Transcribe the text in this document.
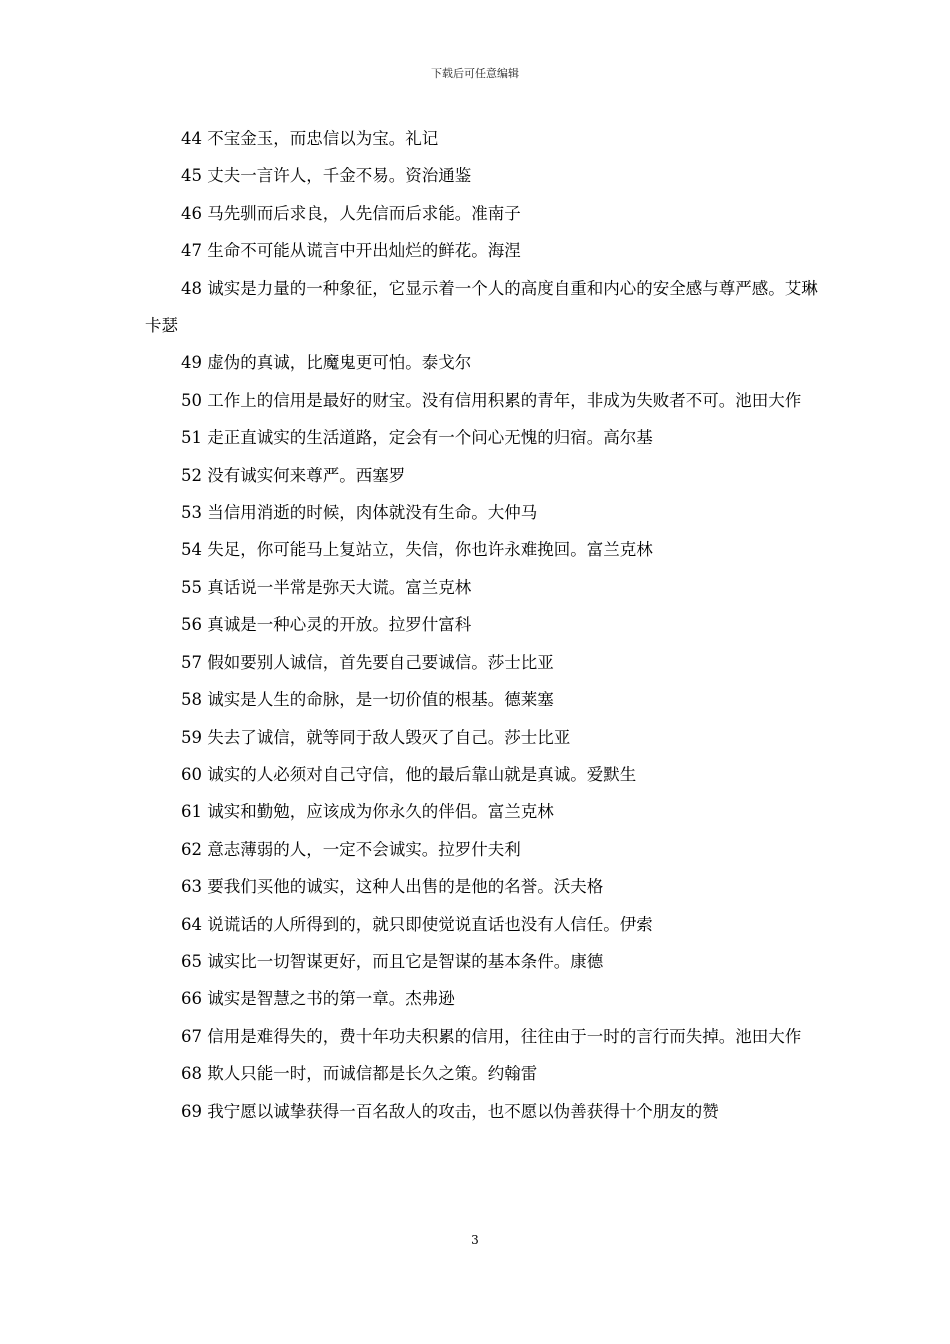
下载后可任意编辑

44 不宝金玉，而忠信以为宝。礼记

45 丈夫一言许人，千金不易。资治通鉴

46 马先驯而后求良，人先信而后求能。准南子

47 生命不可能从谎言中开出灿烂的鲜花。海涅

48 诚实是力量的一种象征，它显示着一个人的高度自重和内心的安全感与尊严感。艾琳卡瑟

49 虚伪的真诚，比魔鬼更可怕。泰戈尔

50 工作上的信用是最好的财宝。没有信用积累的青年，非成为失败者不可。池田大作

51 走正直诚实的生活道路，定会有一个问心无愧的归宿。高尔基

52 没有诚实何来尊严。西塞罗

53 当信用消逝的时候，肉体就没有生命。大仲马

54 失足，你可能马上复站立，失信，你也许永难挽回。富兰克林

55 真话说一半常是弥天大谎。富兰克林

56 真诚是一种心灵的开放。拉罗什富科

57 假如要别人诚信，首先要自己要诚信。莎士比亚

58 诚实是人生的命脉，是一切价值的根基。德莱塞

59 失去了诚信，就等同于敌人毁灭了自己。莎士比亚

60 诚实的人必须对自己守信，他的最后靠山就是真诚。爱默生

61 诚实和勤勉，应该成为你永久的伴侣。富兰克林

62 意志薄弱的人，一定不会诚实。拉罗什夫利

63 要我们买他的诚实，这种人出售的是他的名誉。沃夫格

64 说谎话的人所得到的，就只即使觉说直话也没有人信任。伊索

65 诚实比一切智谋更好，而且它是智谋的基本条件。康德

66 诚实是智慧之书的第一章。杰弗逊

67 信用是难得失的，费十年功夫积累的信用，往往由于一时的言行而失掉。池田大作

68 欺人只能一时，而诚信都是长久之策。约翰雷

69 我宁愿以诚挚获得一百名敌人的攻击，也不愿以伪善获得十个朋友的赞

3
